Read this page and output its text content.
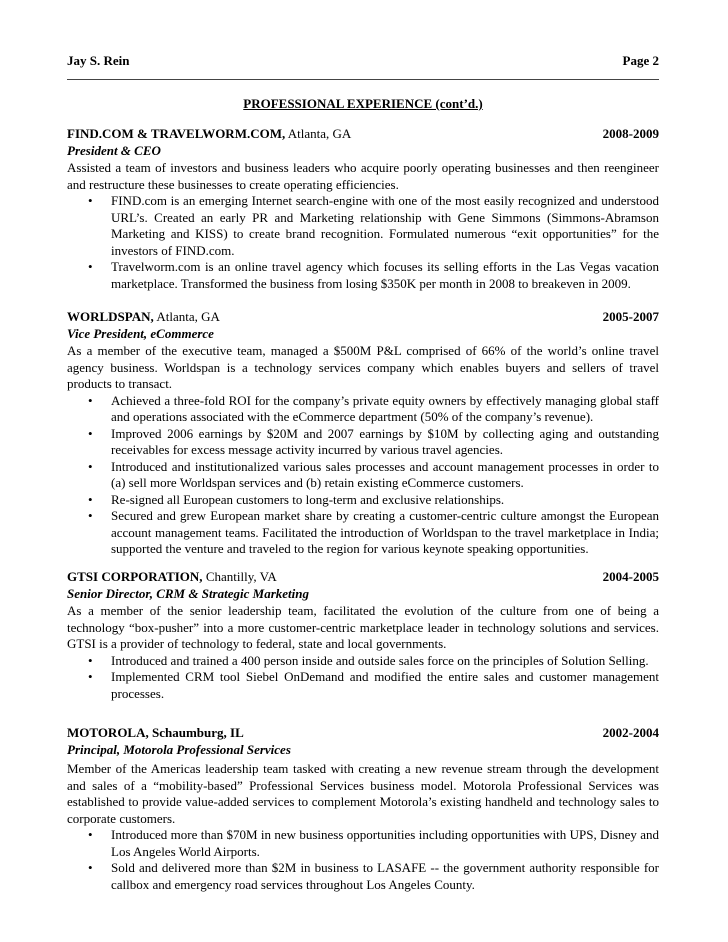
Jay S. Rein	Page 2
PROFESSIONAL EXPERIENCE (cont’d.)
FIND.COM & TRAVELWORM.COM, Atlanta, GA	2008-2009
President & CEO
Assisted a team of investors and business leaders who acquire poorly operating businesses and then reengineer and restructure these businesses to create operating efficiencies.
• FIND.com is an emerging Internet search-engine with one of the most easily recognized and understood URL’s. Created an early PR and Marketing relationship with Gene Simmons (Simmons-Abramson Marketing and KISS) to create brand recognition. Formulated numerous “exit opportunities” for the investors of FIND.com.
• Travelworm.com is an online travel agency which focuses its selling efforts in the Las Vegas vacation marketplace. Transformed the business from losing $350K per month in 2008 to breakeven in 2009.
WORLDSPAN, Atlanta, GA	2005-2007
Vice President, eCommerce
As a member of the executive team, managed a $500M P&L comprised of 66% of the world’s online travel agency business. Worldspan is a technology services company which enables buyers and sellers of travel products to transact.
• Achieved a three-fold ROI for the company’s private equity owners by effectively managing global staff and operations associated with the eCommerce department (50% of the company’s revenue).
• Improved 2006 earnings by $20M and 2007 earnings by $10M by collecting aging and outstanding receivables for excess message activity incurred by various travel agencies.
• Introduced and institutionalized various sales processes and account management processes in order to (a) sell more Worldspan services and (b) retain existing eCommerce customers.
• Re-signed all European customers to long-term and exclusive relationships.
• Secured and grew European market share by creating a customer-centric culture amongst the European account management teams. Facilitated the introduction of Worldspan to the travel marketplace in India; supported the venture and traveled to the region for various keynote speaking opportunities.
GTSI CORPORATION, Chantilly, VA	2004-2005
Senior Director, CRM & Strategic Marketing
As a member of the senior leadership team, facilitated the evolution of the culture from one of being a technology “box-pusher” into a more customer-centric marketplace leader in technology solutions and services. GTSI is a provider of technology to federal, state and local governments.
• Introduced and trained a 400 person inside and outside sales force on the principles of Solution Selling.
• Implemented CRM tool Siebel OnDemand and modified the entire sales and customer management processes.
MOTOROLA, Schaumburg, IL	2002-2004
Principal, Motorola Professional Services
Member of the Americas leadership team tasked with creating a new revenue stream through the development and sales of a “mobility-based” Professional Services business model. Motorola Professional Services was established to provide value-added services to complement Motorola’s existing handheld and technology sales to corporate customers.
• Introduced more than $70M in new business opportunities including opportunities with UPS, Disney and Los Angeles World Airports.
• Sold and delivered more than $2M in business to LASAFE -- the government authority responsible for callbox and emergency road services throughout Los Angeles County.
